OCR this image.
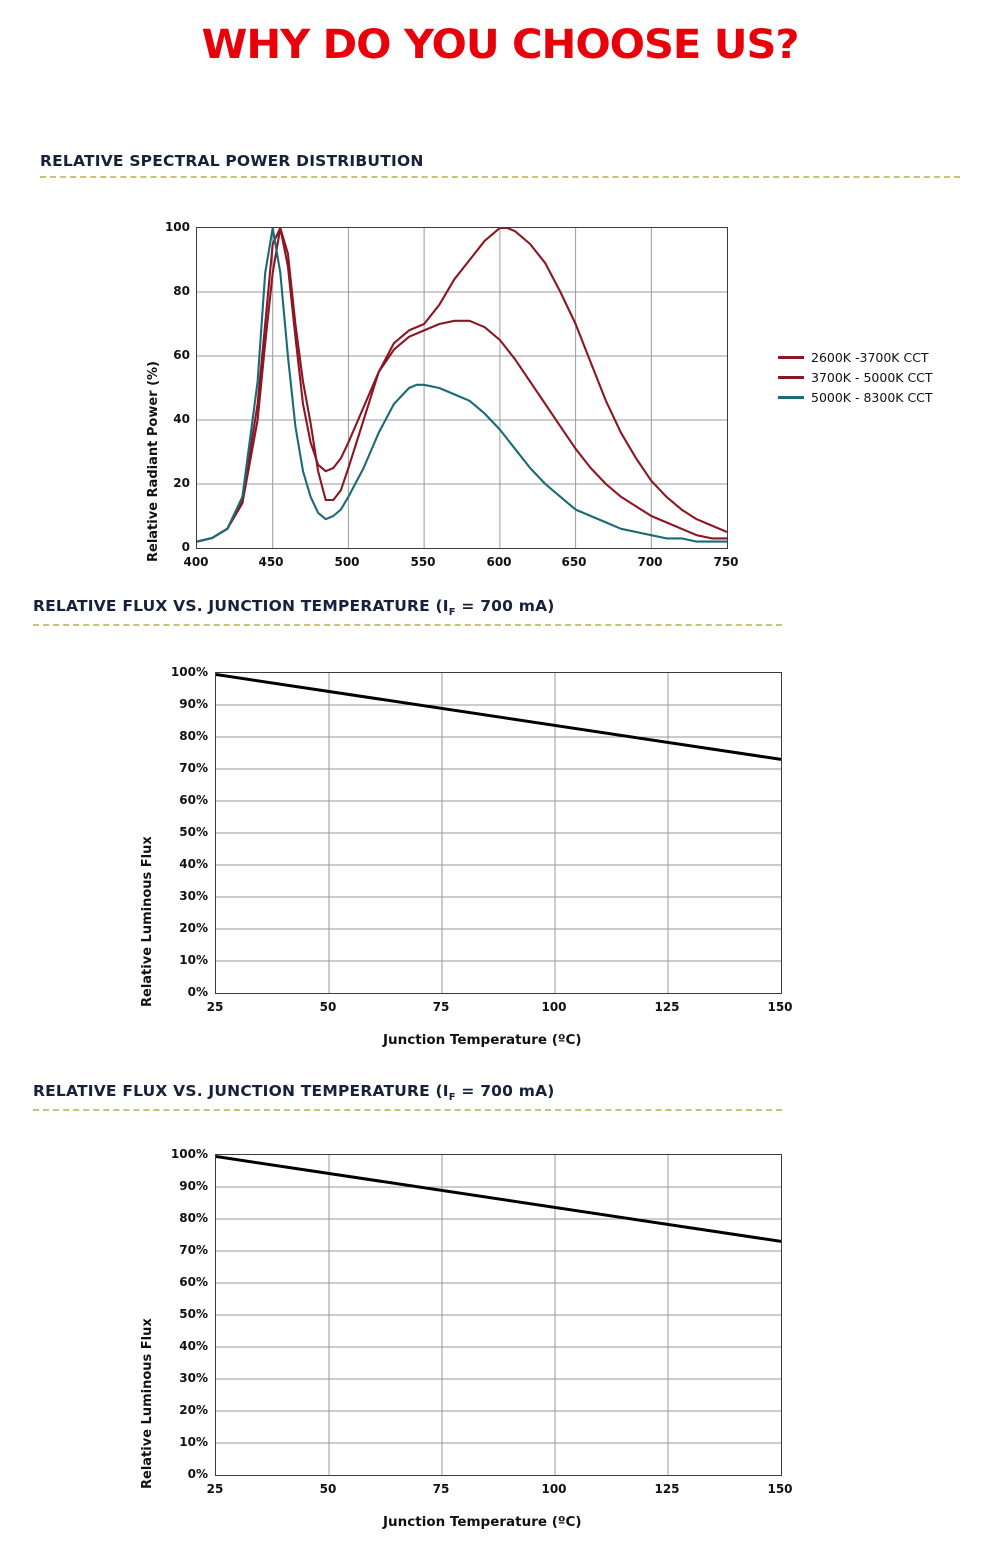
WHY DO YOU CHOOSE US?
RELATIVE SPECTRAL POWER DISTRIBUTION
Relative Radiant Power (%)
100
80
60
40
20
0
400	450	500	550	600	650	700	750
2600K -3700K CCT
3700K - 5000K CCT
5000K - 8300K CCT
RELATIVE FLUX VS. JUNCTION TEMPERATURE ($I_F = 700$ mA)
Relative Luminous Flux
100%
90%
80%
70%
60%
50%
40%
30%
20%
10%
0%
25	50	75	100	125	150
Junction Temperature (ºC)
RELATIVE FLUX VS. JUNCTION TEMPERATURE ($I_F = 700$ mA)
Relative Luminous Flux
100%
90%
80%
70%
60%
50%
40%
30%
20%
10%
0%
25	50	75	100	125	150
Junction Temperature (ºC)
